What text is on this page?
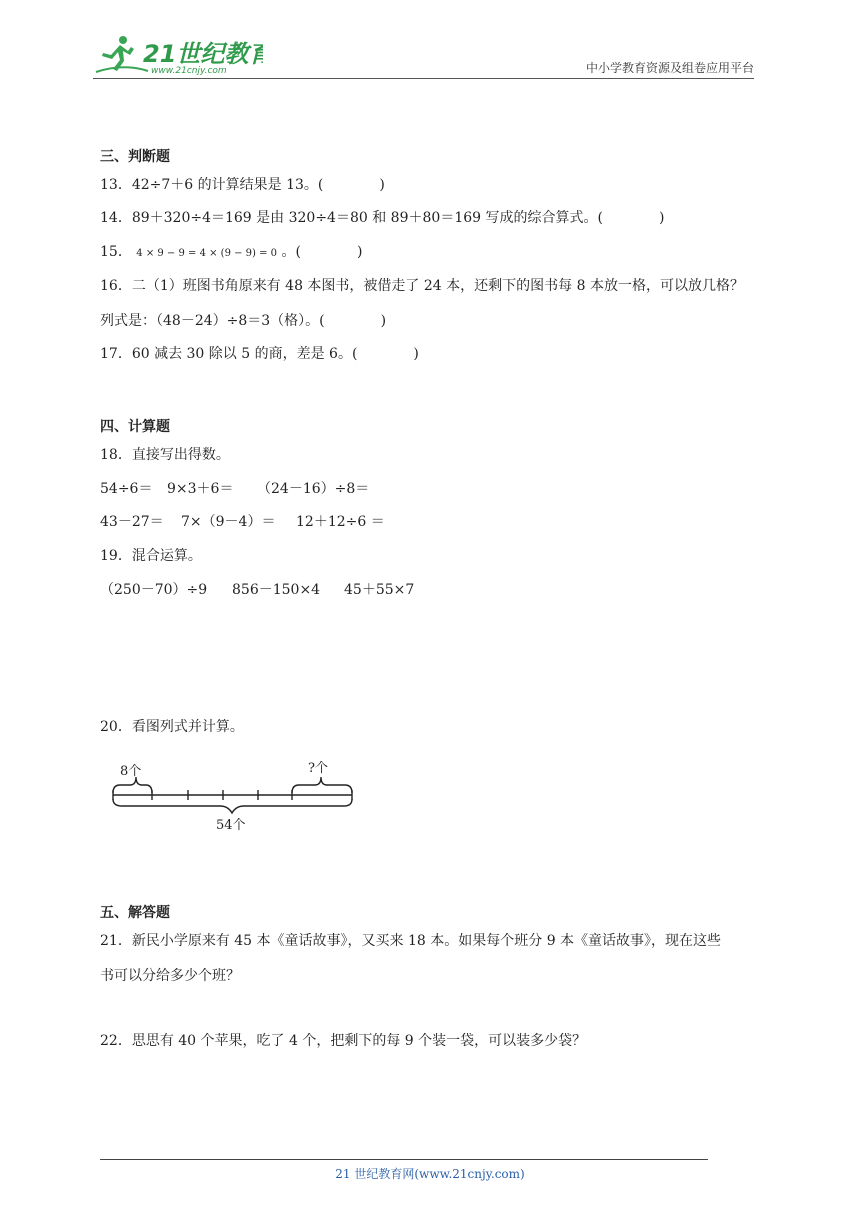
21世纪教育
www.21cnjy.com	中小学教育资源及组卷应用平台
三、判断题
13．42÷7＋6 的计算结果是 13。(　　　　)
14．89＋320÷4＝169 是由 320÷4＝80 和 89＋80＝169 写成的综合算式。(　　　　)
15． 4 × 9 − 9 = 4 × (9 − 9) = 0 。(　　　　)
16．二（1）班图书角原来有 48 本图书，被借走了 24 本，还剩下的图书每 8 本放一格，可以放几格？
列式是：（48－24）÷8＝3（格）。(　　　　)
17．60 减去 30 除以 5 的商，差是 6。(　　　　)
四、计算题
18．直接写出得数。
54÷6＝ 9×3＋6＝ （24－16）÷8＝
43－27＝ 7×（9－4）＝ 12＋12÷6 ＝
19．混合运算。
（250－70）÷9 856－150×4 45＋55×7
20．看图列式并计算。
8个	?个
54个
五、解答题
21．新民小学原来有 45 本《童话故事》，又买来 18 本。如果每个班分 9 本《童话故事》，现在这些
书可以分给多少个班？
22．思思有 40 个苹果，吃了 4 个，把剩下的每 9 个装一袋，可以装多少袋？
21 世纪教育网(www.21cnjy.com)
